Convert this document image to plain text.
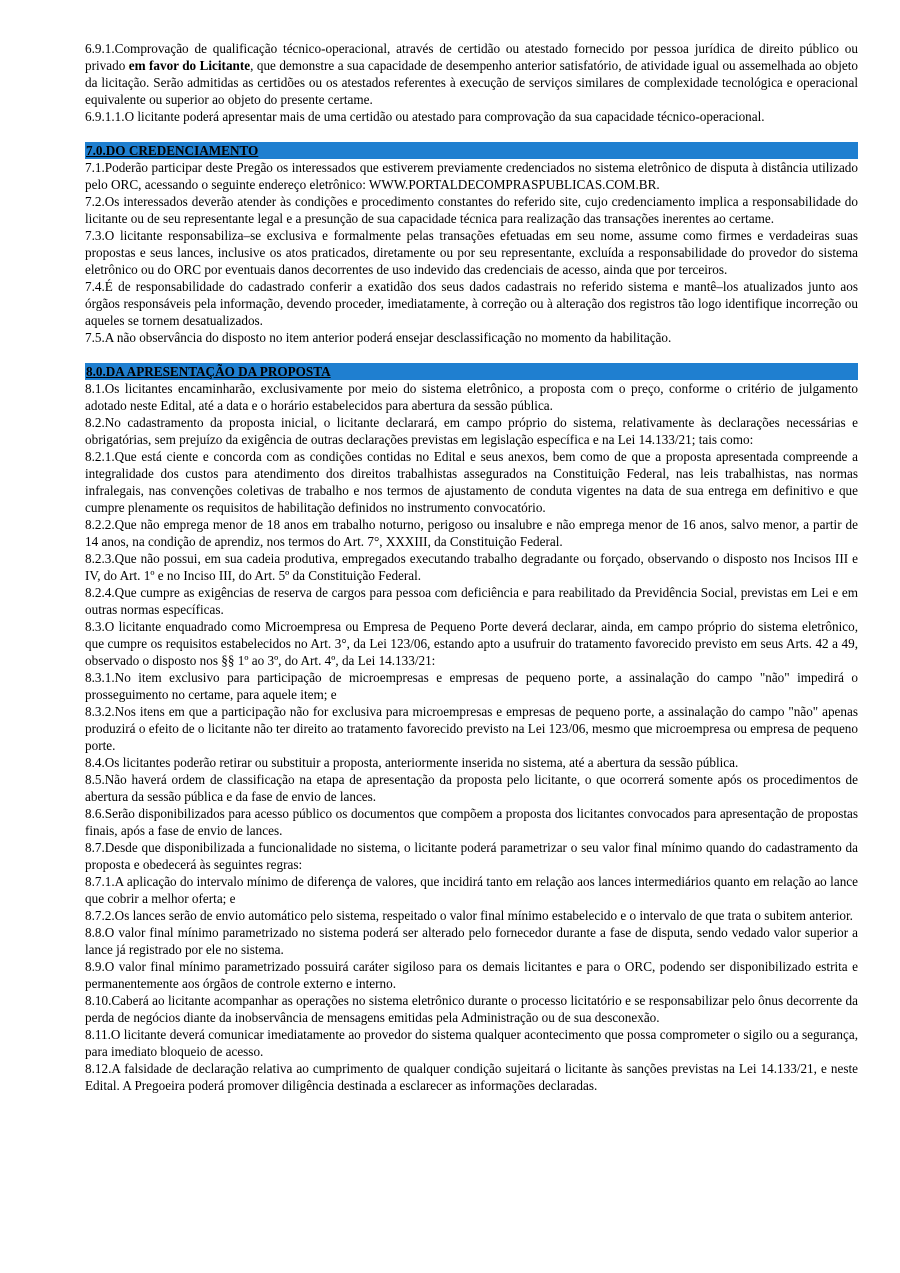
6.9.1.Comprovação de qualificação técnico-operacional, através de certidão ou atestado fornecido por pessoa jurídica de direito público ou privado em favor do Licitante, que demonstre a sua capacidade de desempenho anterior satisfatório, de atividade igual ou assemelhada ao objeto da licitação. Serão admitidas as certidões ou os atestados referentes à execução de serviços similares de complexidade tecnológica e operacional equivalente ou superior ao objeto do presente certame.

6.9.1.1.O licitante poderá apresentar mais de uma certidão ou atestado para comprovação da sua capacidade técnico-operacional.

7.0.DO CREDENCIAMENTO

7.1.Poderão participar deste Pregão os interessados que estiverem previamente credenciados no sistema eletrônico de disputa à distância utilizado pelo ORC, acessando o seguinte endereço eletrônico: WWW.PORTALDECOMPRASPUBLICAS.COM.BR.

7.2.Os interessados deverão atender às condições e procedimento constantes do referido site, cujo credenciamento implica a responsabilidade do licitante ou de seu representante legal e a presunção de sua capacidade técnica para realização das transações inerentes ao certame.

7.3.O licitante responsabiliza–se exclusiva e formalmente pelas transações efetuadas em seu nome, assume como firmes e verdadeiras suas propostas e seus lances, inclusive os atos praticados, diretamente ou por seu representante, excluída a responsabilidade do provedor do sistema eletrônico ou do ORC por eventuais danos decorrentes de uso indevido das credenciais de acesso, ainda que por terceiros.

7.4.É de responsabilidade do cadastrado conferir a exatidão dos seus dados cadastrais no referido sistema e mantê–los atualizados junto aos órgãos responsáveis pela informação, devendo proceder, imediatamente, à correção ou à alteração dos registros tão logo identifique incorreção ou aqueles se tornem desatualizados.

7.5.A não observância do disposto no item anterior poderá ensejar desclassificação no momento da habilitação.

8.0.DA APRESENTAÇÃO DA PROPOSTA

8.1.Os licitantes encaminharão, exclusivamente por meio do sistema eletrônico, a proposta com o preço, conforme o critério de julgamento adotado neste Edital, até a data e o horário estabelecidos para abertura da sessão pública.

8.2.No cadastramento da proposta inicial, o licitante declarará, em campo próprio do sistema, relativamente às declarações necessárias e obrigatórias, sem prejuízo da exigência de outras declarações previstas em legislação específica e na Lei 14.133/21; tais como:

8.2.1.Que está ciente e concorda com as condições contidas no Edital e seus anexos, bem como de que a proposta apresentada compreende a integralidade dos custos para atendimento dos direitos trabalhistas assegurados na Constituição Federal, nas leis trabalhistas, nas normas infralegais, nas convenções coletivas de trabalho e nos termos de ajustamento de conduta vigentes na data de sua entrega em definitivo e que cumpre plenamente os requisitos de habilitação definidos no instrumento convocatório.

8.2.2.Que não emprega menor de 18 anos em trabalho noturno, perigoso ou insalubre e não emprega menor de 16 anos, salvo menor, a partir de 14 anos, na condição de aprendiz, nos termos do Art. 7°, XXXIII, da Constituição Federal.

8.2.3.Que não possui, em sua cadeia produtiva, empregados executando trabalho degradante ou forçado, observando o disposto nos Incisos III e IV, do Art. 1º e no Inciso III, do Art. 5º da Constituição Federal.

8.2.4.Que cumpre as exigências de reserva de cargos para pessoa com deficiência e para reabilitado da Previdência Social, previstas em Lei e em outras normas específicas.

8.3.O licitante enquadrado como Microempresa ou Empresa de Pequeno Porte deverá declarar, ainda, em campo próprio do sistema eletrônico, que cumpre os requisitos estabelecidos no Art. 3°, da Lei 123/06, estando apto a usufruir do tratamento favorecido previsto em seus Arts. 42 a 49, observado o disposto nos §§ 1º ao 3º, do Art. 4º, da Lei 14.133/21:

8.3.1.No item exclusivo para participação de microempresas e empresas de pequeno porte, a assinalação do campo "não" impedirá o prosseguimento no certame, para aquele item; e

8.3.2.Nos itens em que a participação não for exclusiva para microempresas e empresas de pequeno porte, a assinalação do campo "não" apenas produzirá o efeito de o licitante não ter direito ao tratamento favorecido previsto na Lei 123/06, mesmo que microempresa ou empresa de pequeno porte.

8.4.Os licitantes poderão retirar ou substituir a proposta, anteriormente inserida no sistema, até a abertura da sessão pública.

8.5.Não haverá ordem de classificação na etapa de apresentação da proposta pelo licitante, o que ocorrerá somente após os procedimentos de abertura da sessão pública e da fase de envio de lances.

8.6.Serão disponibilizados para acesso público os documentos que compõem a proposta dos licitantes convocados para apresentação de propostas finais, após a fase de envio de lances.

8.7.Desde que disponibilizada a funcionalidade no sistema, o licitante poderá parametrizar o seu valor final mínimo quando do cadastramento da proposta e obedecerá às seguintes regras:

8.7.1.A aplicação do intervalo mínimo de diferença de valores, que incidirá tanto em relação aos lances intermediários quanto em relação ao lance que cobrir a melhor oferta; e

8.7.2.Os lances serão de envio automático pelo sistema, respeitado o valor final mínimo estabelecido e o intervalo de que trata o subitem anterior.

8.8.O valor final mínimo parametrizado no sistema poderá ser alterado pelo fornecedor durante a fase de disputa, sendo vedado valor superior a lance já registrado por ele no sistema.

8.9.O valor final mínimo parametrizado possuirá caráter sigiloso para os demais licitantes e para o ORC, podendo ser disponibilizado estrita e permanentemente aos órgãos de controle externo e interno.

8.10.Caberá ao licitante acompanhar as operações no sistema eletrônico durante o processo licitatório e se responsabilizar pelo ônus decorrente da perda de negócios diante da inobservância de mensagens emitidas pela Administração ou de sua desconexão.

8.11.O licitante deverá comunicar imediatamente ao provedor do sistema qualquer acontecimento que possa comprometer o sigilo ou a segurança, para imediato bloqueio de acesso.

8.12.A falsidade de declaração relativa ao cumprimento de qualquer condição sujeitará o licitante às sanções previstas na Lei 14.133/21, e neste Edital. A Pregoeira poderá promover diligência destinada a esclarecer as informações declaradas.
